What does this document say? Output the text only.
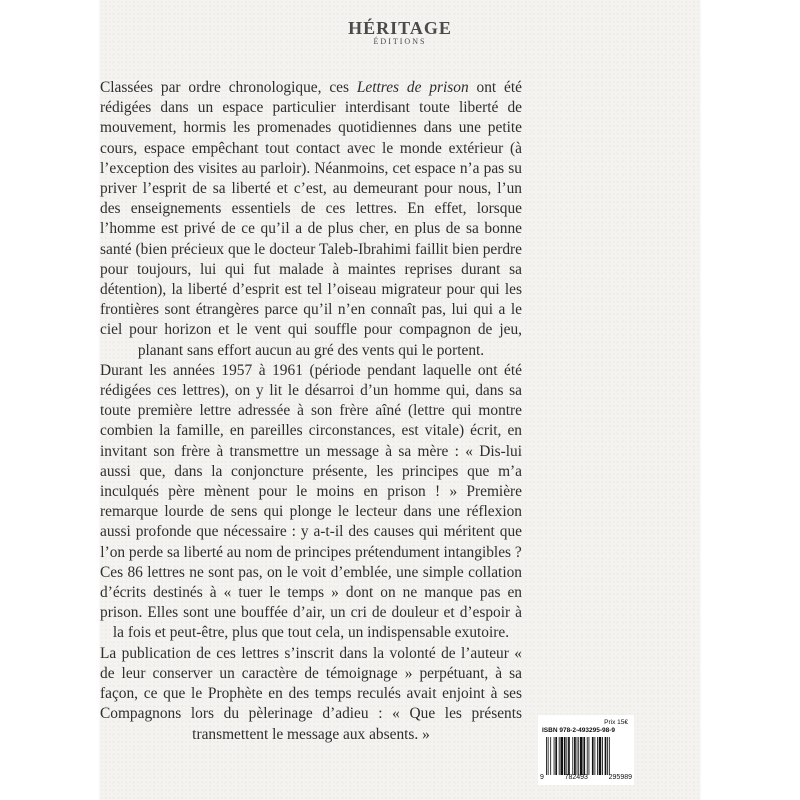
HÉRITAGE
ÉDITIONS

Classées par ordre chronologique, ces Lettres de prison ont été rédigées dans un espace particulier interdisant toute liberté de mouvement, hormis les promenades quotidiennes dans une petite cours, espace empêchant tout contact avec le monde extérieur (à l’exception des visites au parloir). Néanmoins, cet espace n’a pas su priver l’esprit de sa liberté et c’est, au demeurant pour nous, l’un des enseignements essentiels de ces lettres. En effet, lorsque l’homme est privé de ce qu’il a de plus cher, en plus de sa bonne santé (bien précieux que le docteur Taleb-Ibrahimi faillit bien perdre pour toujours, lui qui fut malade à maintes reprises durant sa détention), la liberté d’esprit est tel l’oiseau migrateur pour qui les frontières sont étrangères parce qu’il n’en connaît pas, lui qui a le ciel pour horizon et le vent qui souffle pour compagnon de jeu, planant sans effort aucun au gré des vents qui le portent.

Durant les années 1957 à 1961 (période pendant laquelle ont été rédigées ces lettres), on y lit le désarroi d’un homme qui, dans sa toute première lettre adressée à son frère aîné (lettre qui montre combien la famille, en pareilles circonstances, est vitale) écrit, en invitant son frère à transmettre un message à sa mère : « Dis-lui aussi que, dans la conjoncture présente, les principes que m’a inculqués père mènent pour le moins en prison ! » Première remarque lourde de sens qui plonge le lecteur dans une réflexion aussi profonde que nécessaire : y a-t-il des causes qui méritent que l’on perde sa liberté au nom de principes prétendument intangibles ?

Ces 86 lettres ne sont pas, on le voit d’emblée, une simple collation d’écrits destinés à « tuer le temps » dont on ne manque pas en prison. Elles sont une bouffée d’air, un cri de douleur et d’espoir à la fois et peut-être, plus que tout cela, un indispensable exutoire.

La publication de ces lettres s’inscrit dans la volonté de l’auteur « de leur conserver un caractère de témoignage » perpétuant, à sa façon, ce que le Prophète en des temps reculés avait enjoint à ses Compagnons lors du pèlerinage d’adieu : « Que les présents transmettent le message aux absents. »

Prix 15€
ISBN 978-2-493295-98-9
9	782493	295989
